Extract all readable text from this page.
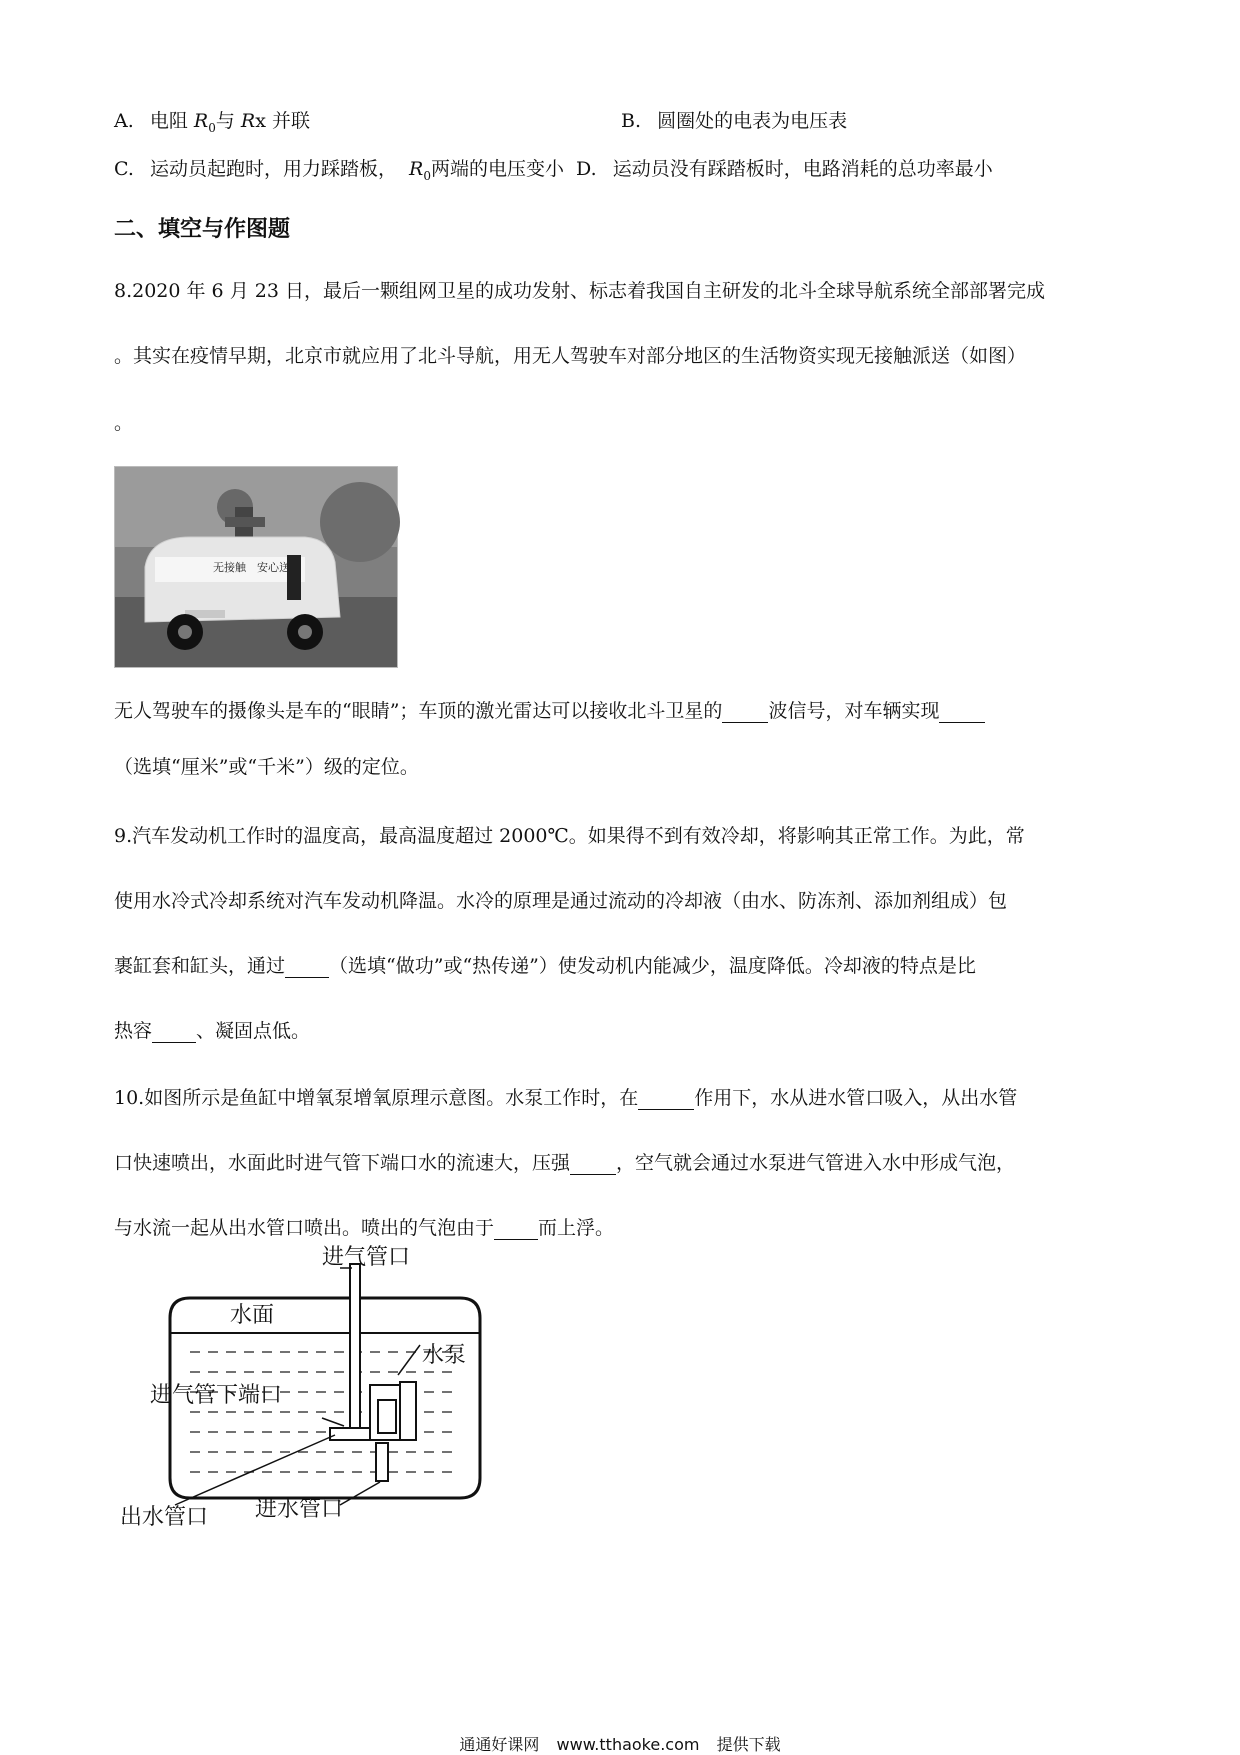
A. 电阻 $R_0$与 Rx 并联	B. 圆圈处的电表为电压表
C. 运动员起跑时，用力踩踏板， $R_0$两端的电压变小 D. 运动员没有踩踏板时，电路消耗的总功率最小
二、填空与作图题
8.2020 年 6 月 23 日，最后一颗组网卫星的成功发射、标志着我国自主研发的北斗全球导航系统全部部署完成
。其实在疫情早期，北京市就应用了北斗导航，用无人驾驶车对部分地区的生活物资实现无接触派送（如图）
。
无接触 安心送
无人驾驶车的摄像头是车的“眼睛”；车顶的激光雷达可以接收北斗卫星的 波信号，对车辆实现
（选填“厘米”或“千米”）级的定位。
9.汽车发动机工作时的温度高，最高温度超过 2000℃。如果得不到有效冷却，将影响其正常工作。为此，常
使用水冷式冷却系统对汽车发动机降温。水冷的原理是通过流动的冷却液（由水、防冻剂、添加剂组成）包
裹缸套和缸头，通过 （选填“做功”或“热传递”）使发动机内能减少，温度降低。冷却液的特点是比
热容 、凝固点低。
10.如图所示是鱼缸中增氧泵增氧原理示意图。水泵工作时，在	作用下，水从进水管口吸入，从出水管
口快速喷出，水面此时进气管下端口水的流速大，压强 ，空气就会通过水泵进气管进入水中形成气泡，
与水流一起从出水管口喷出。喷出的气泡由于 而上浮。
进气管口
水面
水泵
进气管下端口
出水管口 进水管口
通通好课网 www.tthaoke.com 提供下载
